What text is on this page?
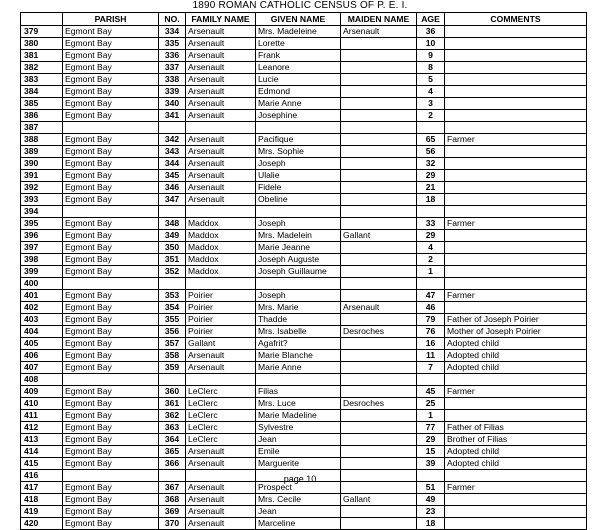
1890 ROMAN CATHOLIC CENSUS OF P. E. I.
	PARISH	NO.	FAMILY NAME	GIVEN NAME	MAIDEN NAME	AGE	COMMENTS
379	Egmont Bay	334	Arsenault	Mrs. Madeleine	Arsenault	36	
380	Egmont Bay	335	Arsenault	Lorette		10	
381	Egmont Bay	336	Arsenault	Frank		9	
382	Egmont Bay	337	Arsenault	Leanore		8	
383	Egmont Bay	338	Arsenault	Lucie		5	
384	Egmont Bay	339	Arsenault	Edmond		4	
385	Egmont Bay	340	Arsenault	Marie Anne		3	
386	Egmont Bay	341	Arsenault	Josephine		2	
387							
388	Egmont Bay	342	Arsenault	Pacifique		65	Farmer
389	Egmont Bay	343	Arsenault	Mrs. Sophie		56	
390	Egmont Bay	344	Arsenault	Joseph		32	
391	Egmont Bay	345	Arsenault	Ulalie		29	
392	Egmont Bay	346	Arsenault	Fidele		21	
393	Egmont Bay	347	Arsenault	Obeline		18	
394							
395	Egmont Bay	348	Maddox	Joseph		33	Farmer
396	Egmont Bay	349	Maddox	Mrs. Madelein	Gallant	29	
397	Egmont Bay	350	Maddox	Marie Jeanne		4	
398	Egmont Bay	351	Maddox	Joseph Auguste		2	
399	Egmont Bay	352	Maddox	Joseph Guillaume		1	
400							
401	Egmont Bay	353	Poirier	Joseph		47	Farmer
402	Egmont Bay	354	Poirier	Mrs. Marie	Arsenault	46	
403	Egmont Bay	355	Poirier	Thadde		79	Father of Joseph Poirier
404	Egmont Bay	356	Poirier	Mrs. Isabelle	Desroches	76	Mother of Joseph Poirier
405	Egmont Bay	357	Gallant	Agafrit?		16	Adopted child
406	Egmont Bay	358	Arsenault	Marie Blanche		11	Adopted child
407	Egmont Bay	359	Arsenault	Marie Anne		7	Adopted child
408							
409	Egmont Bay	360	LeClerc	Filias		45	Farmer
410	Egmont Bay	361	LeClerc	Mrs. Luce	Desroches	25	
411	Egmont Bay	362	LeClerc	Marie Madeline		1	
412	Egmont Bay	363	LeClerc	Sylvestre		77	Father of Filias
413	Egmont Bay	364	LeClerc	Jean		29	Brother of Filias
414	Egmont Bay	365	Arsenault	Emile		15	Adopted child
415	Egmont Bay	366	Arsenault	Marguerite		39	Adopted child
416							
417	Egmont Bay	367	Arsenault	Prospect		51	Farmer
418	Egmont Bay	368	Arsenault	Mrs. Cecile	Gallant	49	
419	Egmont Bay	369	Arsenault	Jean		23	
420	Egmont Bay	370	Arsenault	Marceline		18	
page 10
